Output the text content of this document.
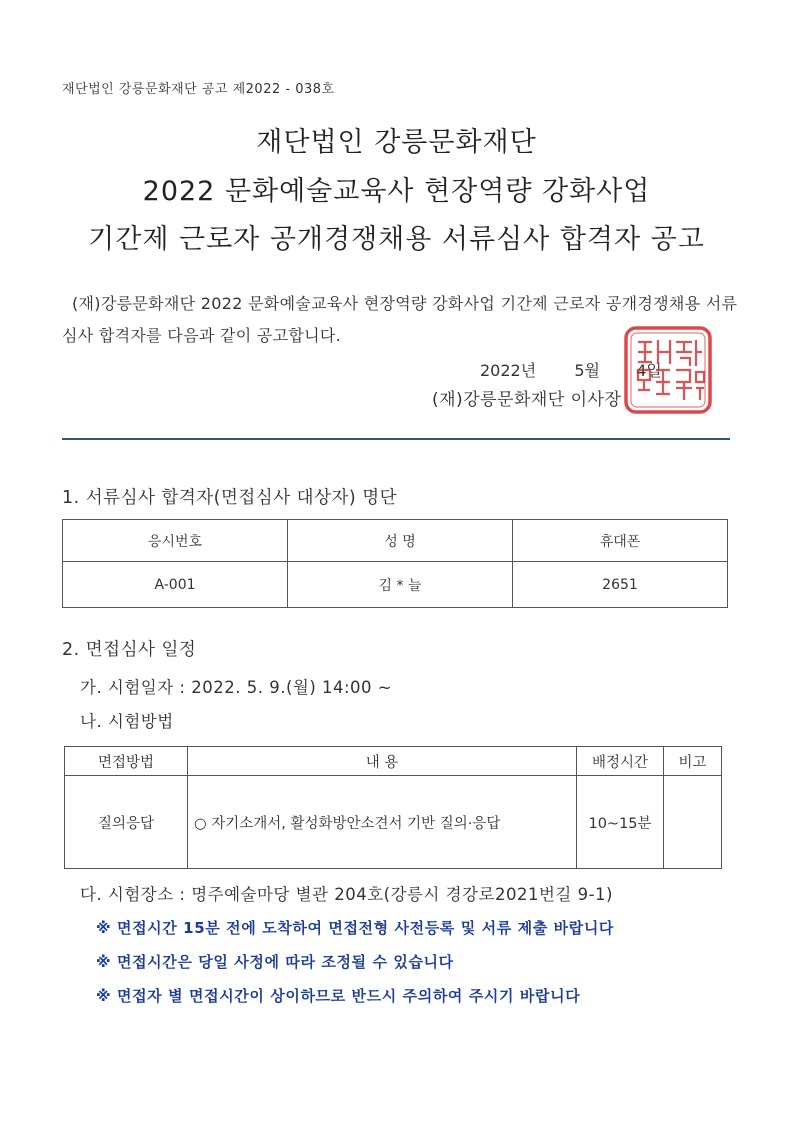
재단법인 강릉문화재단 공고 제2022 - 038호
재단법인 강릉문화재단
2022 문화예술교육사 현장역량 강화사업
기간제 근로자 공개경쟁채용 서류심사 합격자 공고
(재)강릉문화재단 2022 문화예술교육사 현장역량 강화사업 기간제 근로자 공개경쟁채용 서류심사 합격자를 다음과 같이 공고합니다.
2022년 5월 4일
(재)강릉문화재단 이사장
1. 서류심사 합격자(면접심사 대상자) 명단
응시번호	성 명	휴대폰
A-001	김 * 늘	2651
2. 면접심사 일정
가. 시험일자 : 2022. 5. 9.(월) 14:00 ~
나. 시험방법
면접방법	내 용	배정시간	비고
질의응답	○ 자기소개서, 활성화방안소견서 기반 질의·응답	10~15분	
다. 시험장소 : 명주예술마당 별관 204호(강릉시 경강로2021번길 9-1)
※ 면접시간 15분 전에 도착하여 면접전형 사전등록 및 서류 제출 바랍니다
※ 면접시간은 당일 사정에 따라 조정될 수 있습니다
※ 면접자 별 면접시간이 상이하므로 반드시 주의하여 주시기 바랍니다
